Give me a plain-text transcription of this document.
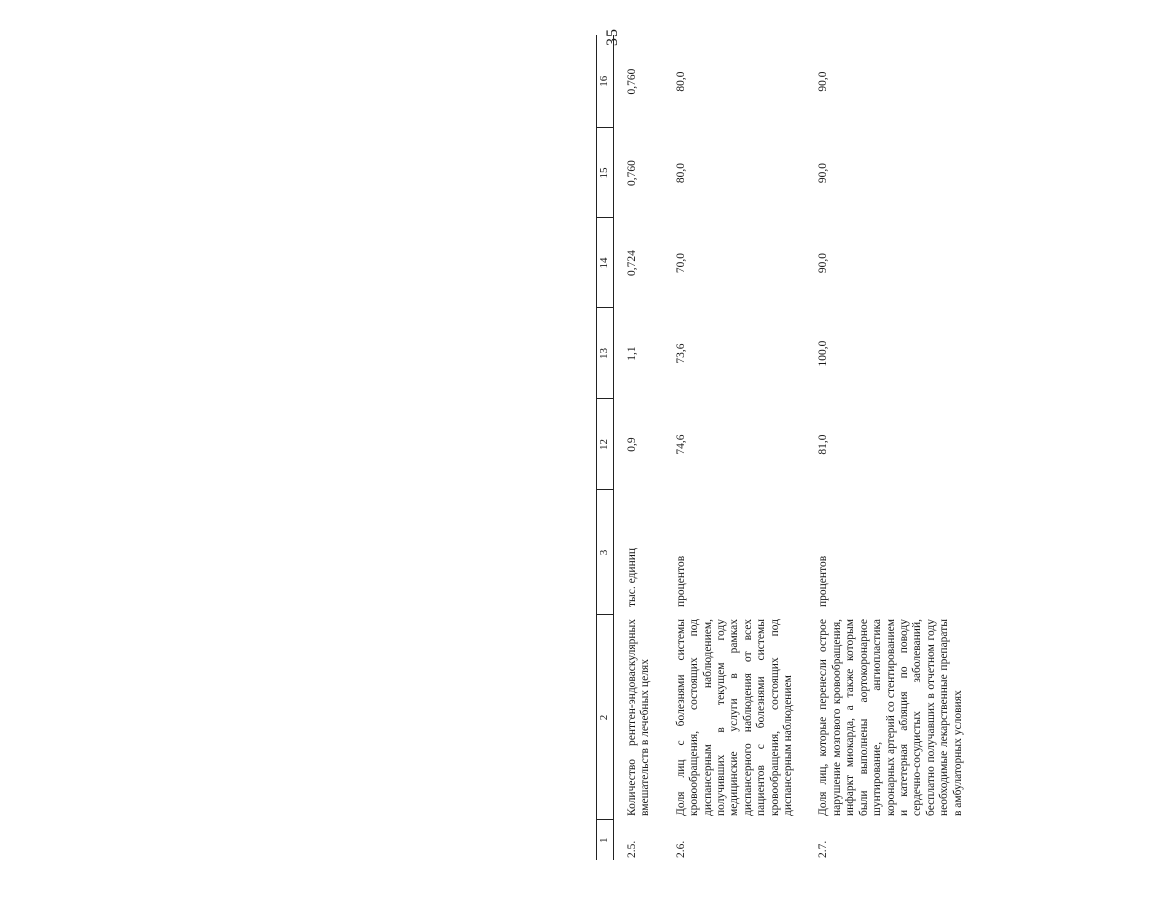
35
1	2	3	12	13	14	15	16
2.5.	Количество рентген-эндоваскулярных вмешательств в лечебных целях	тыс. единиц	0,9	1,1	0,724	0,760	0,760
2.6.	Доля лиц с болезнями системы кровообращения, состоящих под диспансерным наблюдением, получивших в текущем году медицинские услуги в рамках диспансерного наблюдения от всех пациентов с болезнями системы кровообращения, состоящих под диспансерным наблюдением	процентов	74,6	73,6	70,0	80,0	80,0
2.7.	Доля лиц, которые перенесли острое нарушение мозгового кровообращения, инфаркт миокарда, а также которым были выполнены аортокоронарное шунтирование, ангиопластика коронарных артерий со стентированием и катетерная абляция по поводу сердечно-сосудистых заболеваний, бесплатно получавших в отчетном году необходимые лекарственные препараты в амбулаторных условиях	процентов	81,0	100,0	90,0	90,0	90,0
